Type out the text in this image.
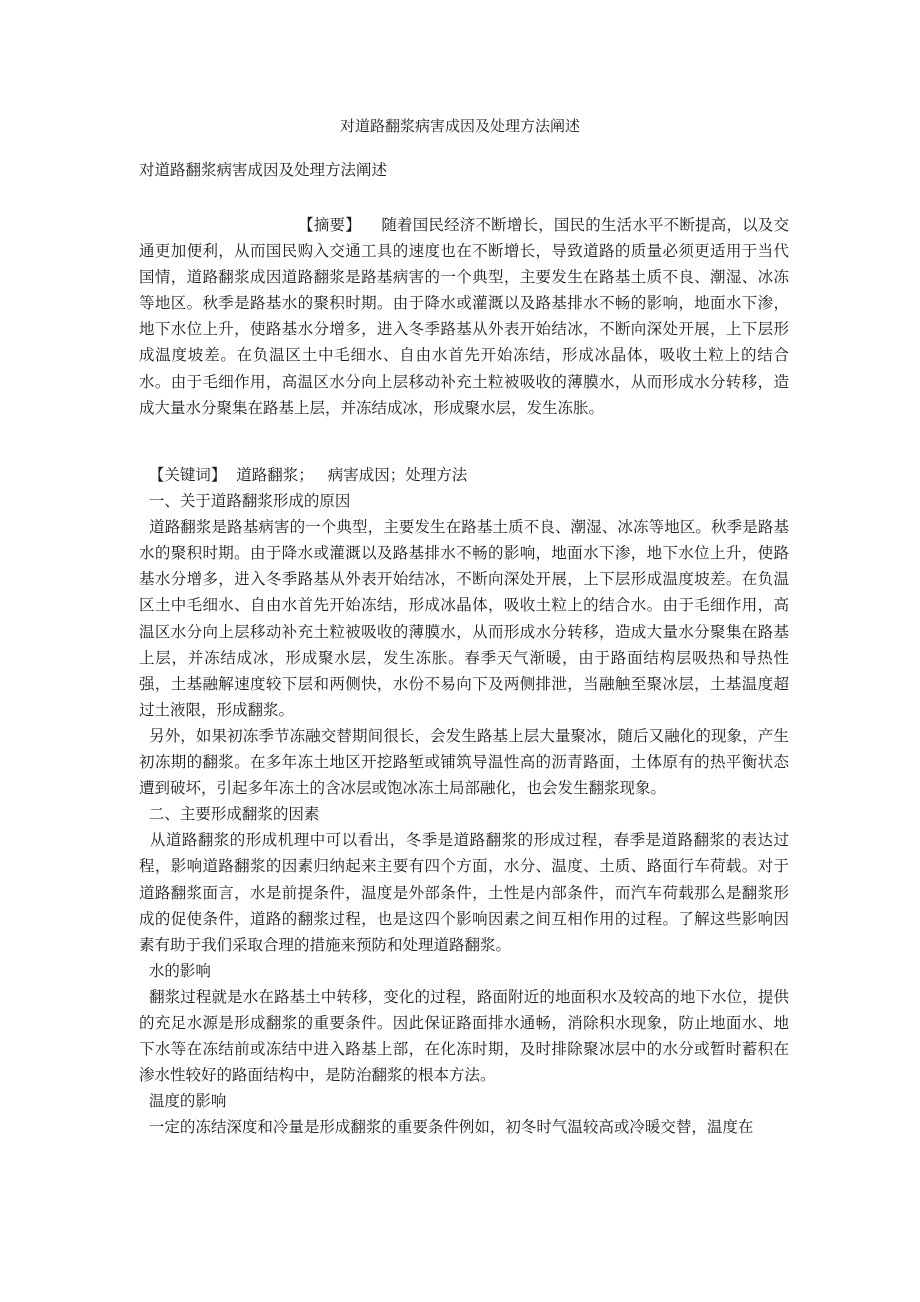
对道路翻浆病害成因及处理方法阐述
对道路翻浆病害成因及处理方法阐述
【摘要】 随着国民经济不断增长，国民的生活水平不断提高，以及交通更加便利，从而国民购入交通工具的速度也在不断增长，导致道路的质量必须更适用于当代国情，道路翻浆成因道路翻浆是路基病害的一个典型，主要发生在路基土质不良、潮湿、冰冻等地区。秋季是路基水的聚积时期。由于降水或灌溉以及路基排水不畅的影响，地面水下渗，地下水位上升，使路基水分增多，进入冬季路基从外表开始结冰，不断向深处开展，上下层形成温度坡差。在负温区土中毛细水、自由水首先开始冻结，形成冰晶体，吸收土粒上的结合水。由于毛细作用，高温区水分向上层移动补充土粒被吸收的薄膜水，从而形成水分转移，造成大量水分聚集在路基上层，并冻结成冰，形成聚水层，发生冻胀。

【关键词】 道路翻浆； 病害成因；处理方法

一、关于道路翻浆形成的原因

道路翻浆是路基病害的一个典型，主要发生在路基土质不良、潮湿、冰冻等地区。秋季是路基水的聚积时期。由于降水或灌溉以及路基排水不畅的影响，地面水下渗，地下水位上升，使路基水分增多，进入冬季路基从外表开始结冰，不断向深处开展，上下层形成温度坡差。在负温区土中毛细水、自由水首先开始冻结，形成冰晶体，吸收土粒上的结合水。由于毛细作用，高温区水分向上层移动补充土粒被吸收的薄膜水，从而形成水分转移，造成大量水分聚集在路基上层，并冻结成冰，形成聚水层，发生冻胀。春季天气渐暖，由于路面结构层吸热和导热性强，土基融解速度较下层和两侧快，水份不易向下及两侧排泄，当融触至聚冰层，土基温度超过土液限，形成翻浆。

另外，如果初冻季节冻融交替期间很长，会发生路基上层大量聚冰，随后又融化的现象，产生初冻期的翻浆。在多年冻土地区开挖路堑或铺筑导温性高的沥青路面，土体原有的热平衡状态遭到破坏，引起多年冻土的含冰层或饱冰冻土局部融化，也会发生翻浆现象。

二、主要形成翻浆的因素

从道路翻浆的形成机理中可以看出，冬季是道路翻浆的形成过程，春季是道路翻浆的表达过程，影响道路翻浆的因素归纳起来主要有四个方面，水分、温度、土质、路面行车荷载。对于道路翻浆面言，水是前提条件，温度是外部条件，土性是内部条件，而汽车荷载那么是翻浆形成的促使条件，道路的翻浆过程，也是这四个影响因素之间互相作用的过程。了解这些影响因素有助于我们采取合理的措施来预防和处理道路翻浆。

水的影响

翻浆过程就是水在路基土中转移，变化的过程，路面附近的地面积水及较高的地下水位，提供的充足水源是形成翻浆的重要条件。因此保证路面排水通畅，消除积水现象，防止地面水、地下水等在冻结前或冻结中进入路基上部，在化冻时期，及时排除聚冰层中的水分或暂时蓄积在渗水性较好的路面结构中，是防治翻浆的根本方法。

温度的影响

一定的冻结深度和冷量是形成翻浆的重要条件例如，初冬时气温较高或冷暖交替，温度在
